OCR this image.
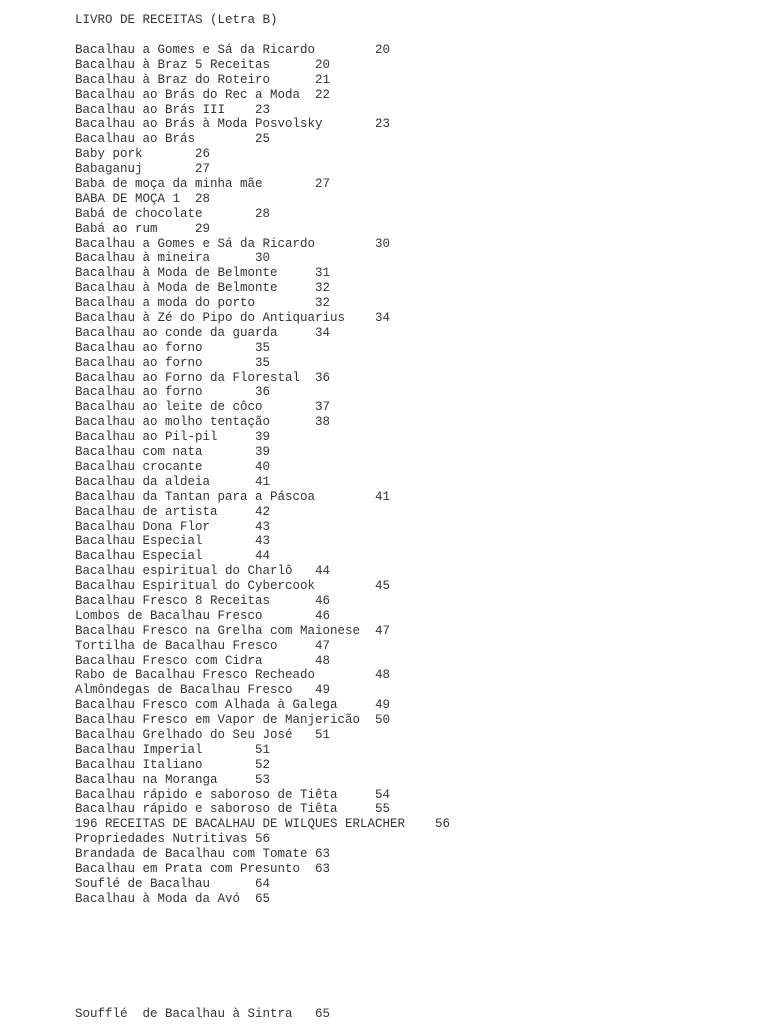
LIVRO DE RECEITAS (Letra B)
Bacalhau a Gomes e Sá da Ricardo        20
Bacalhau à Braz 5 Receitas      20
Bacalhau à Braz do Roteiro      21
Bacalhau ao Brás do Rec a Moda  22
Bacalhau ao Brás III    23
Bacalhau ao Brás à Moda Posvolsky       23
Bacalhau ao Brás        25
Baby pork       26
Babaganuj       27
Baba de moça da minha mãe       27
BABA DE MOÇA 1  28
Babá de chocolate       28
Babá ao rum     29
Bacalhau a Gomes e Sá da Ricardo        30
Bacalhau à mineira      30
Bacalhau à Moda de Belmonte     31
Bacalhau à Moda de Belmonte     32
Bacalhau a moda do porto        32
Bacalhau à Zé do Pipo do Antiquarius    34
Bacalhau ao conde da guarda     34
Bacalhau ao forno       35
Bacalhau ao forno       35
Bacalhau ao Forno da Florestal  36
Bacalhau ao forno       36
Bacalhau ao leite de côco       37
Bacalhau ao molho tentação      38
Bacalhau ao Pil-pil     39
Bacalhau com nata       39
Bacalhau crocante       40
Bacalhau da aldeia      41
Bacalhau da Tantan para a Páscoa        41
Bacalhau de artista     42
Bacalhau Dona Flor      43
Bacalhau Especial       43
Bacalhau Especial       44
Bacalhau espiritual do Charlô   44
Bacalhau Espiritual do Cybercook        45
Bacalhau Fresco 8 Receitas      46
Lombos de Bacalhau Fresco       46
Bacalhau Fresco na Grelha com Maionese  47
Tortilha de Bacalhau Fresco     47
Bacalhau Fresco com Cidra       48
Rabo de Bacalhau Fresco Recheado        48
Almôndegas de Bacalhau Fresco   49
Bacalhau Fresco com Alhada à Galega     49
Bacalhau Fresco em Vapor de Manjericão  50
Bacalhau Grelhado do Seu José   51
Bacalhau Imperial       51
Bacalhau Italiano       52
Bacalhau na Moranga     53
Bacalhau rápido e saboroso de Tiêta     54
Bacalhau rápido e saboroso de Tiêta     55
196 RECEITAS DE BACALHAU DE WILQUES ERLACHER    56
Propriedades Nutritivas 56
Brandada de Bacalhau com Tomate 63
Bacalhau em Prata com Presunto  63
Souflé de Bacalhau      64
Bacalhau à Moda da Avó  65
Soufflé  de Bacalhau à Sintra   65
